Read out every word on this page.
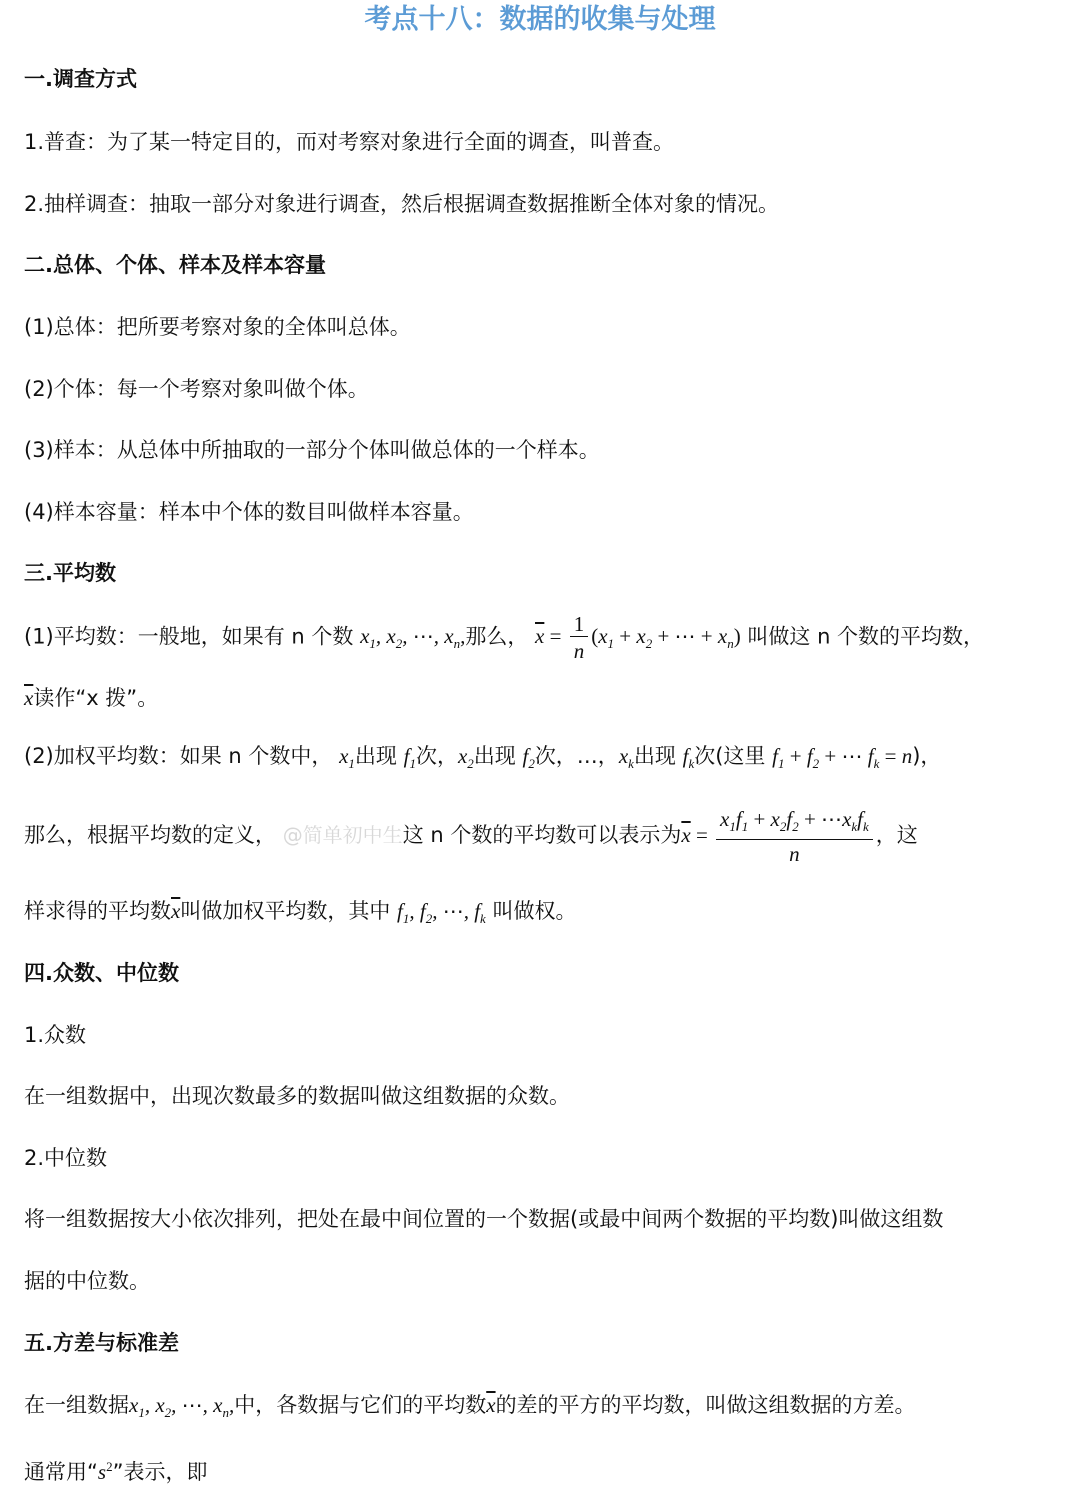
考点十八：数据的收集与处理
一.调查方式
1.普查：为了某一特定目的，而对考察对象进行全面的调查，叫普查。
2.抽样调查：抽取一部分对象进行调查，然后根据调查数据推断全体对象的情况。
二.总体、个体、样本及样本容量
(1)总体：把所要考察对象的全体叫总体。
(2)个体：每一个考察对象叫做个体。
(3)样本：从总体中所抽取的一部分个体叫做总体的一个样本。
(4)样本容量：样本中个体的数目叫做样本容量。
三.平均数
(1)平均数：一般地，如果有 n 个数 $x_1$, $x_2$, ⋯, $x_n$,那么， $\overline{x} = \frac{1}{n} (x_1 + x_2$ + ⋯ + $x_n$) 叫做这 n 个数的平均数，
$\overline{x}$读作“x 拨”。
(2)加权平均数：如果 n 个数中， $x_1$出现 $f_1$次，$x_2$出现 $f_2$次，…，$x_k$出现 $f_k$次(这里 $f_1 + f_2$ + ⋯ $f_k = n$)，
那么，根据平均数的定义， @简单初中生这 n 个数的平均数可以表示为$\overline{x} = \frac{x_1f_1 + x_2f_2 + \cdots x_kf_k}{n}$ ，这
样求得的平均数$\overline{x}$叫做加权平均数，其中 $f_1$, $f_2$, ⋯, $f_k$ 叫做权。
四.众数、中位数
1.众数
在一组数据中，出现次数最多的数据叫做这组数据的众数。
2.中位数
将一组数据按大小依次排列，把处在最中间位置的一个数据(或最中间两个数据的平均数)叫做这组数
据的中位数。
五.方差与标准差
在一组数据$x_1$, $x_2$, ⋯, $x_n$,中，各数据与它们的平均数$\overline{x}$的差的平方的平均数，叫做这组数据的方差。
通常用“$s^2$”表示，即
